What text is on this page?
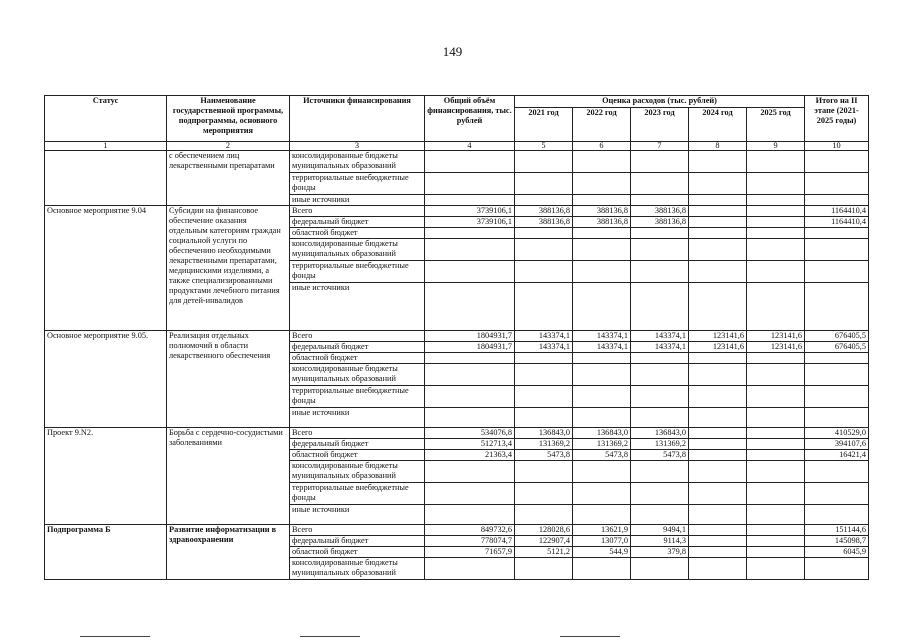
149
Статус	Наименование государственной программы, подпрограммы, основного мероприятия	Источники финансирования	Общий объём финансирования, тыс. рублей	Оценка расходов (тыс. рублей)					Итого на II этапе (2021-2025 годы)
				2021 год	2022 год	2023 год	2024 год	2025 год	
1	2	3	4	5	6	7	8	9	10
	с обеспечением лиц лекарственными препаратами	консолидированные бюджеты муниципальных образований							
		территориальные внебюджетные фонды							
		иные источники							
Основное мероприятие 9.04	Субсидии на финансовое обеспечение оказания отдельным категориям граждан социальной услуги по обеспечению необходимыми лекарственными препаратами, медицинскими изделиями, а также специализированными продуктами лечебного питания для детей-инвалидов	Всего	3739106,1	388136,8	388136,8	388136,8			1164410,4
		федеральный бюджет	3739106,1	388136,8	388136,8	388136,8			1164410,4
		областной бюджет							
		консолидированные бюджеты муниципальных образований							
		территориальные внебюджетные фонды							
		иные источники							
Основное мероприятие 9.05.	Реализация отдельных полномочий в области лекарственного обеспечения	Всего	1804931,7	143374,1	143374,1	143374,1	123141,6	123141,6	676405,5
		федеральный бюджет	1804931,7	143374,1	143374,1	143374,1	123141,6	123141,6	676405,5
		областной бюджет							
		консолидированные бюджеты муниципальных образований							
		территориальные внебюджетные фонды							
		иные источники							
Проект 9.N2.	Борьба с сердечно-сосудистыми заболеваниями	Всего	534076,8	136843,0	136843,0	136843,0			410529,0
		федеральный бюджет	512713,4	131369,2	131369,2	131369,2			394107,6
		областной бюджет	21363,4	5473,8	5473,8	5473,8			16421,4
		консолидированные бюджеты муниципальных образований							
		территориальные внебюджетные фонды							
		иные источники							
Подпрограмма Б	Развитие информатизации в здравоохранении	Всего	849732,6	128028,6	13621,9	9494,1			151144,6
		федеральный бюджет	778074,7	122907,4	13077,0	9114,3			145098,7
		областной бюджет	71657,9	5121,2	544,9	379,8			6045,9
		консолидированные бюджеты муниципальных образований							
